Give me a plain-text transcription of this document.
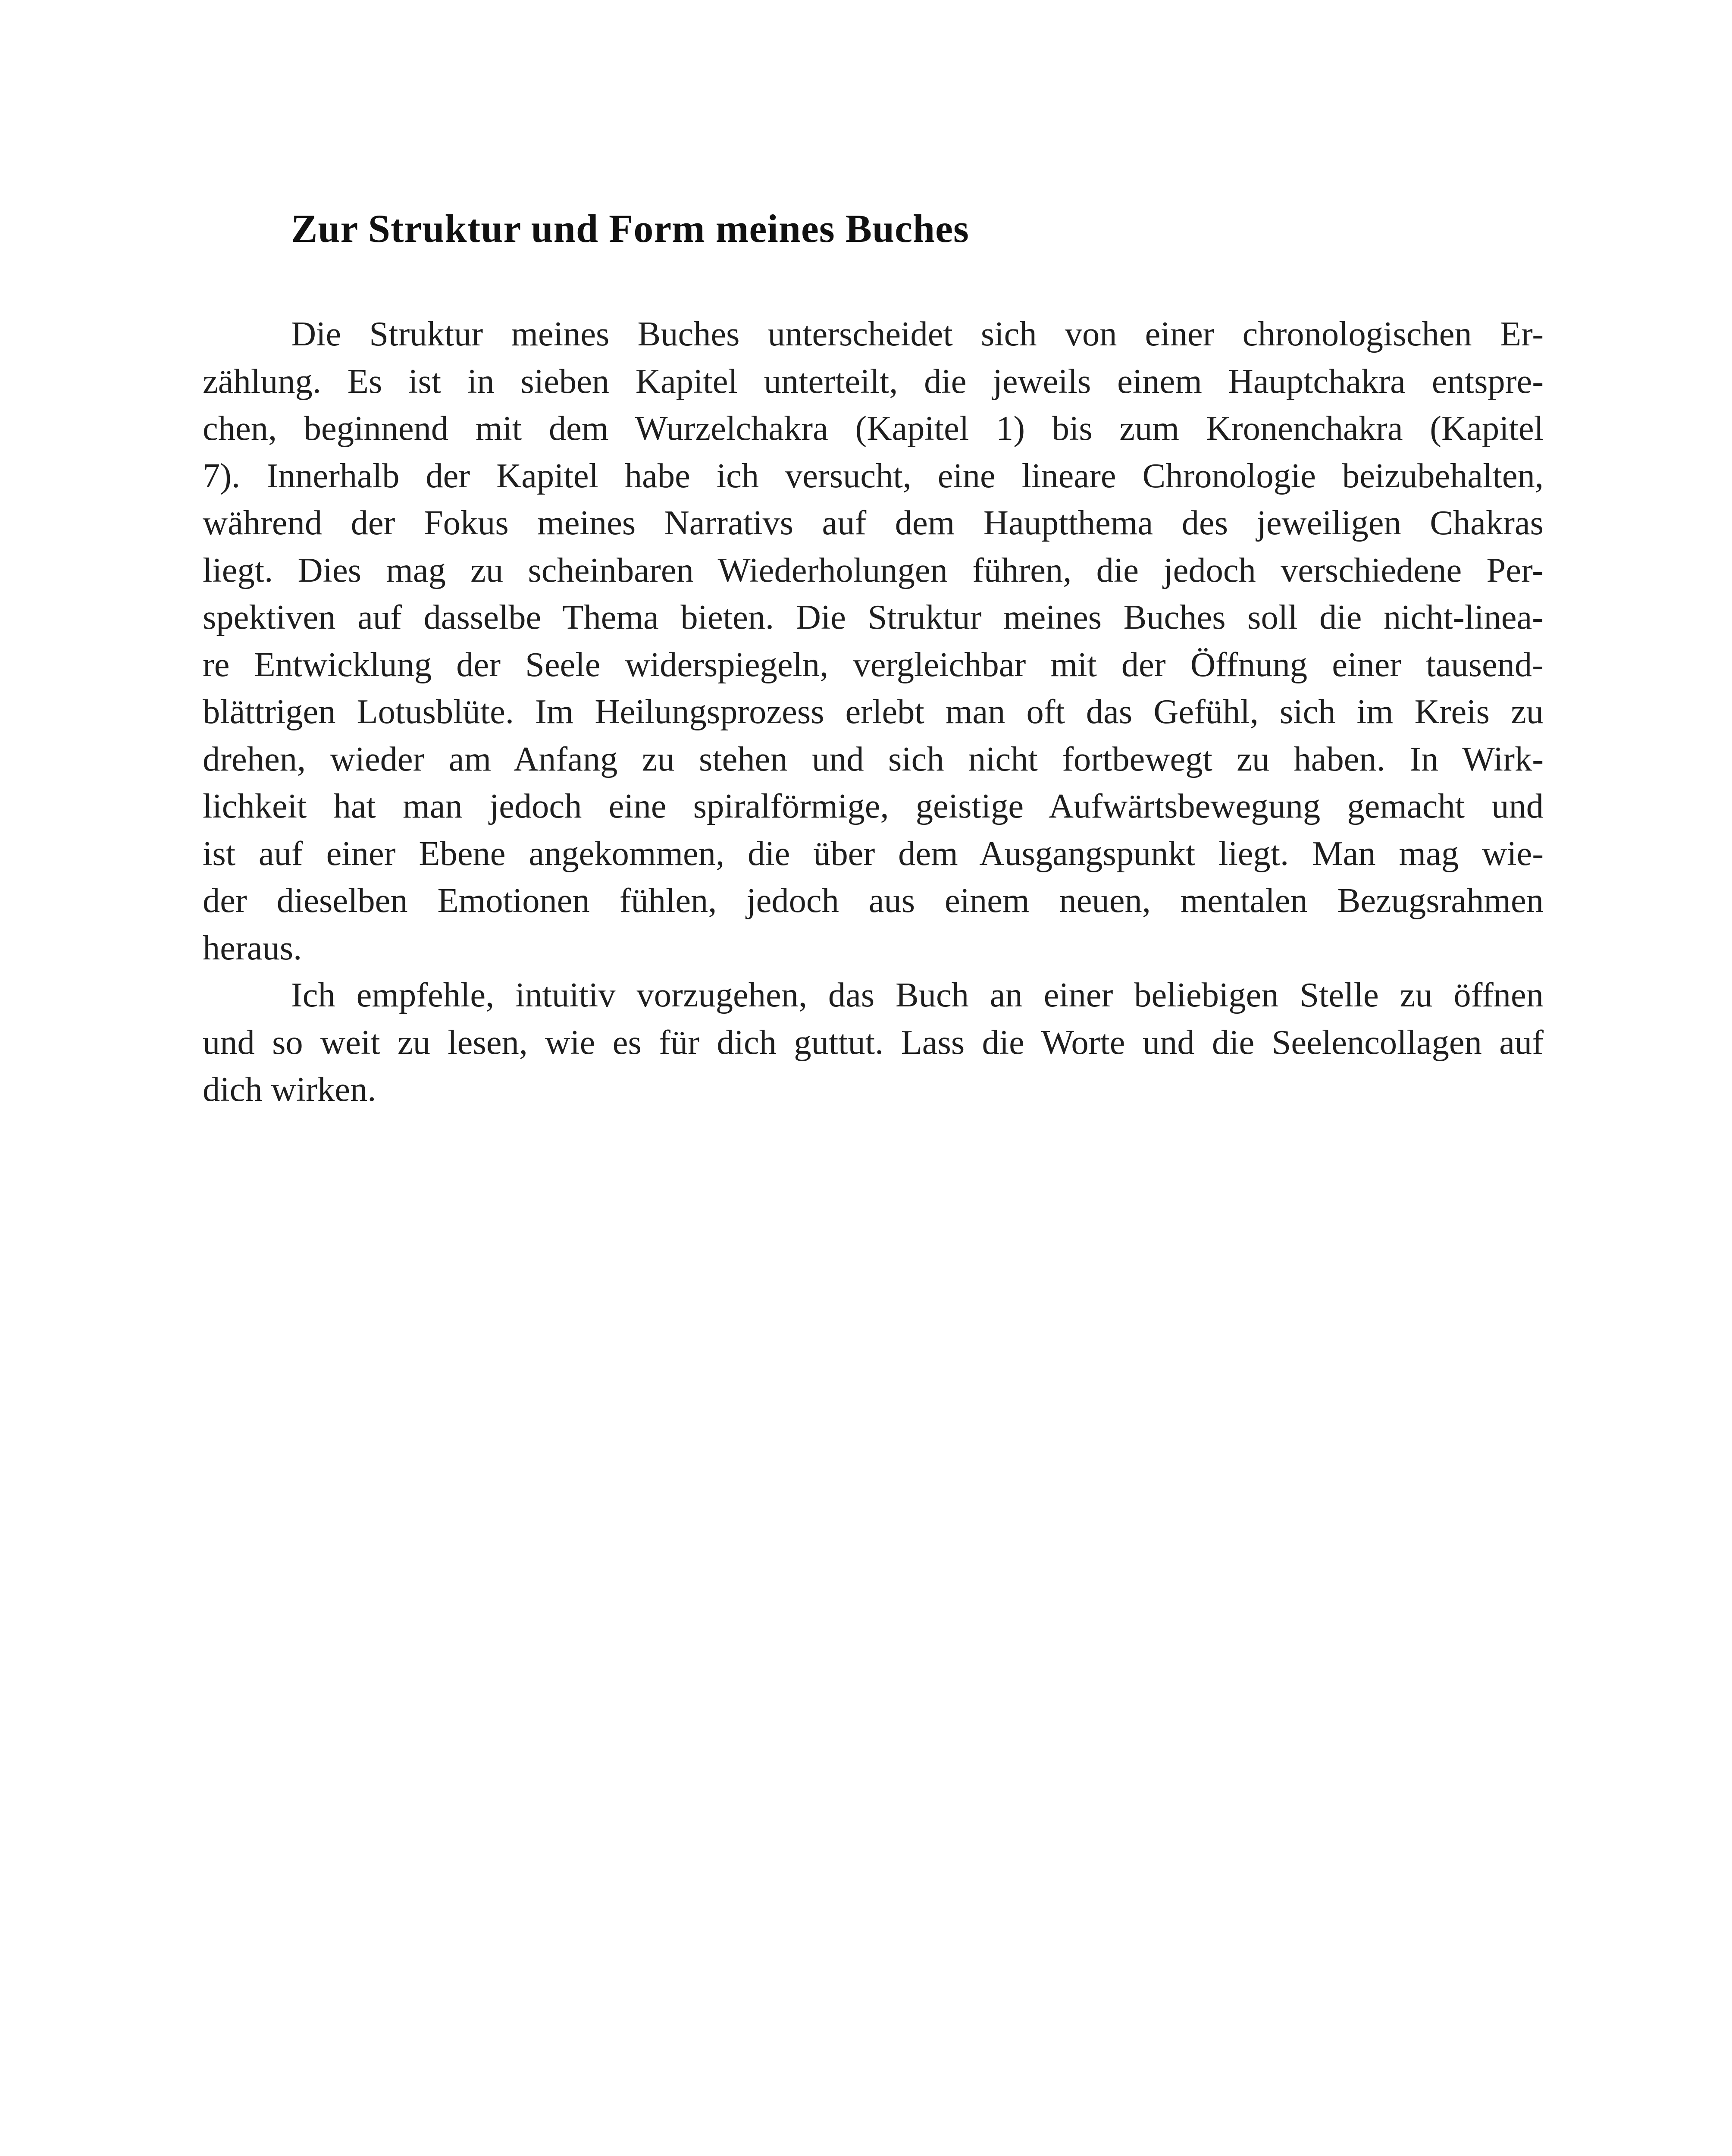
Zur Struktur und Form meines Buches
Die Struktur meines Buches unterscheidet sich von einer chronologischen Er-
zählung. Es ist in sieben Kapitel unterteilt, die jeweils einem Hauptchakra entspre-
chen, beginnend mit dem Wurzelchakra (Kapitel 1) bis zum Kronenchakra (Kapitel
7). Innerhalb der Kapitel habe ich versucht, eine lineare Chronologie beizubehalten,
während der Fokus meines Narrativs auf dem Hauptthema des jeweiligen Chakras
liegt. Dies mag zu scheinbaren Wiederholungen führen, die jedoch verschiedene Per-
spektiven auf dasselbe Thema bieten. Die Struktur meines Buches soll die nicht-linea-
re Entwicklung der Seele widerspiegeln, vergleichbar mit der Öffnung einer tausend-
blättrigen Lotusblüte. Im Heilungsprozess erlebt man oft das Gefühl, sich im Kreis zu
drehen, wieder am Anfang zu stehen und sich nicht fortbewegt zu haben. In Wirk-
lichkeit hat man jedoch eine spiralförmige, geistige Aufwärtsbewegung gemacht und
ist auf einer Ebene angekommen, die über dem Ausgangspunkt liegt. Man mag wie-
der dieselben Emotionen fühlen, jedoch aus einem neuen, mentalen Bezugsrahmen
heraus.
Ich empfehle, intuitiv vorzugehen, das Buch an einer beliebigen Stelle zu öffnen
und so weit zu lesen, wie es für dich guttut. Lass die Worte und die Seelencollagen auf
dich wirken.
